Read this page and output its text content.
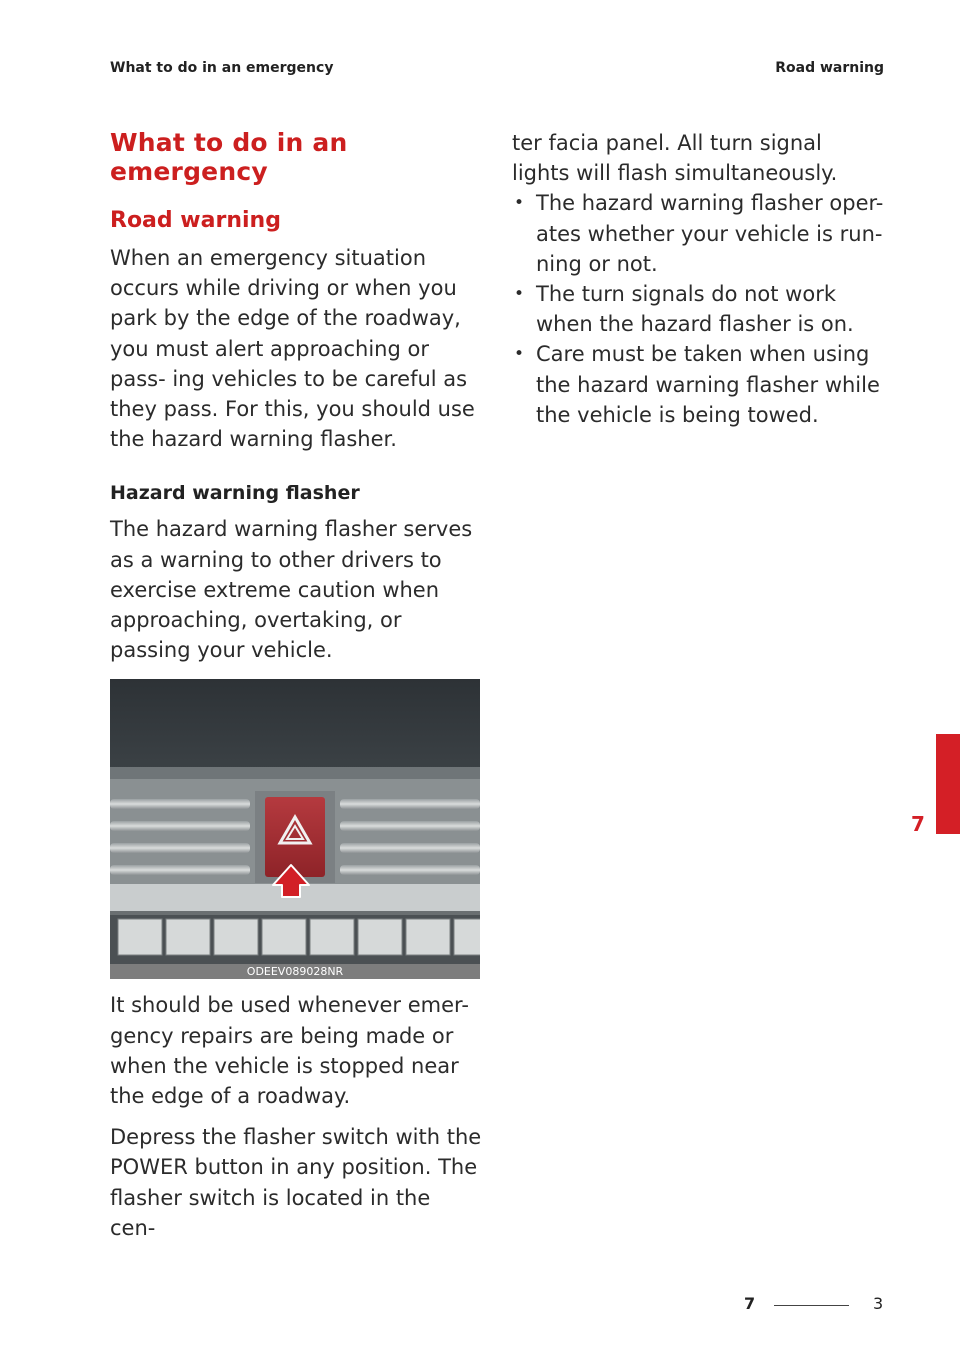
What to do in an emergency	Road warning
What to do in an emergency
Road warning

When an emergency situation occurs while driving or when you park by the edge of the roadway, you must alert approaching or pass- ing vehicles to be careful as they pass. For this, you should use the hazard warning flasher.

Hazard warning flasher

The hazard warning flasher serves as a warning to other drivers to exercise extreme caution when approaching, overtaking, or passing your vehicle.

ODEEV089028NR

It should be used whenever emer- gency repairs are being made or when the vehicle is stopped near the edge of a roadway.

Depress the flasher switch with the POWER button in any position. The flasher switch is located in the cen-

ter facia panel. All turn signal lights will flash simultaneously.

• The hazard warning flasher oper- ates whether your vehicle is run- ning or not.
• The turn signals do not work when the hazard flasher is on.
• Care must be taken when using the hazard warning flasher while the vehicle is being towed.
7
7	3
